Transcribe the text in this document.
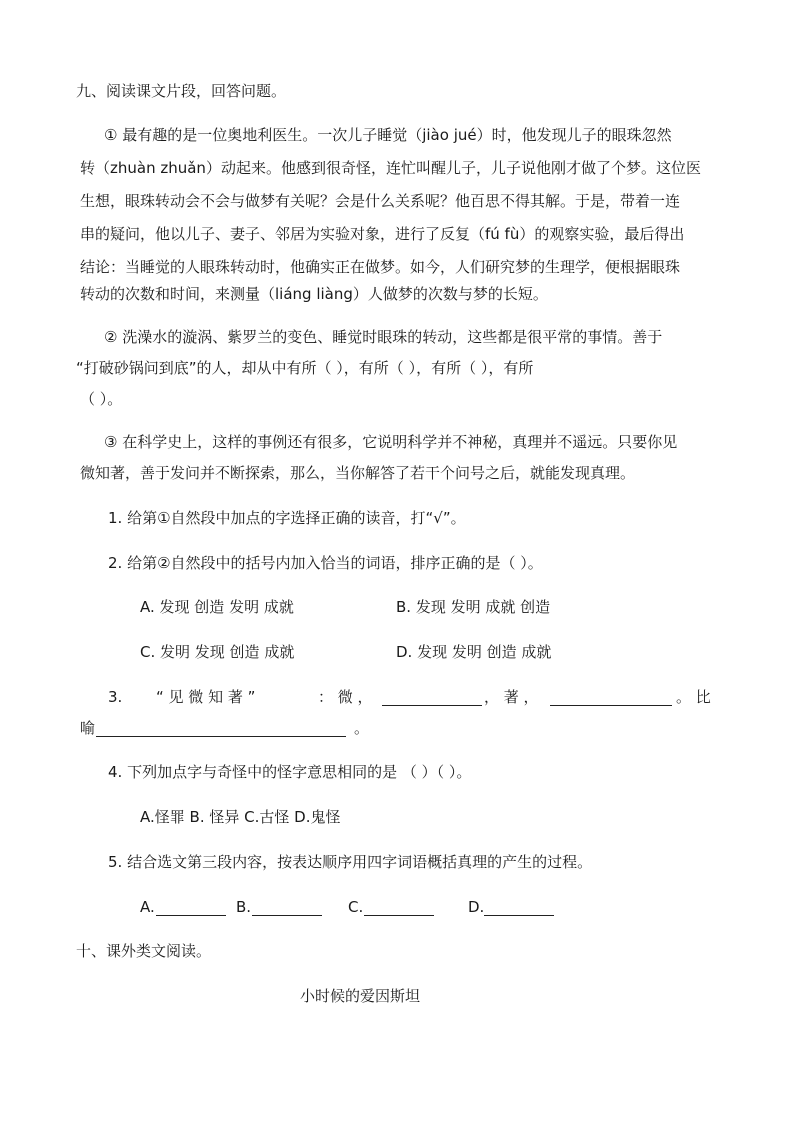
九、阅读课文片段，回答问题。
① 最有趣的是一位奥地利医生。一次儿子睡觉（jiào jué）时，他发现儿子的眼珠忽然
转（zhuàn zhuǎn）动起来。他感到很奇怪，连忙叫醒儿子，儿子说他刚才做了个梦。这位医
生想，眼珠转动会不会与做梦有关呢？会是什么关系呢？他百思不得其解。于是，带着一连
串的疑问，他以儿子、妻子、邻居为实验对象，进行了反复（fú fù）的观察实验，最后得出
结论：当睡觉的人眼珠转动时，他确实正在做梦。如今，人们研究梦的生理学，便根据眼珠
转动的次数和时间，来测量（liáng liàng）人做梦的次数与梦的长短。
② 洗澡水的漩涡、紫罗兰的变色、睡觉时眼珠的转动，这些都是很平常的事情。善于
“打破砂锅问到底”的人，却从中有所（ ），有所（ ），有所（ ），有所
（ ）。
③ 在科学史上，这样的事例还有很多，它说明科学并不神秘，真理并不遥远。只要你见
微知著，善于发问并不断探索，那么，当你解答了若干个问号之后，就能发现真理。
1. 给第①自然段中加点的字选择正确的读音，打“√”。
2. 给第②自然段中的括号内加入恰当的词语，排序正确的是（ ）。
A. 发现 创造 发明 成就	B. 发现 发明 成就 创造
C. 发明 发现 创造 成就	D. 发现 发明 创造 成就
3. “ 见 微 知 著 ”	： 微 ，	， 著 ，	。 比
喻	。
4. 下列加点字与奇怪中的怪字意思相同的是 （ ）（ ）。
A.怪罪 B. 怪异 C.古怪 D.鬼怪
5. 结合选文第三段内容，按表达顺序用四字词语概括真理的产生的过程。
A.	B.	C.	D.
十、课外类文阅读。
小时候的爱因斯坦
